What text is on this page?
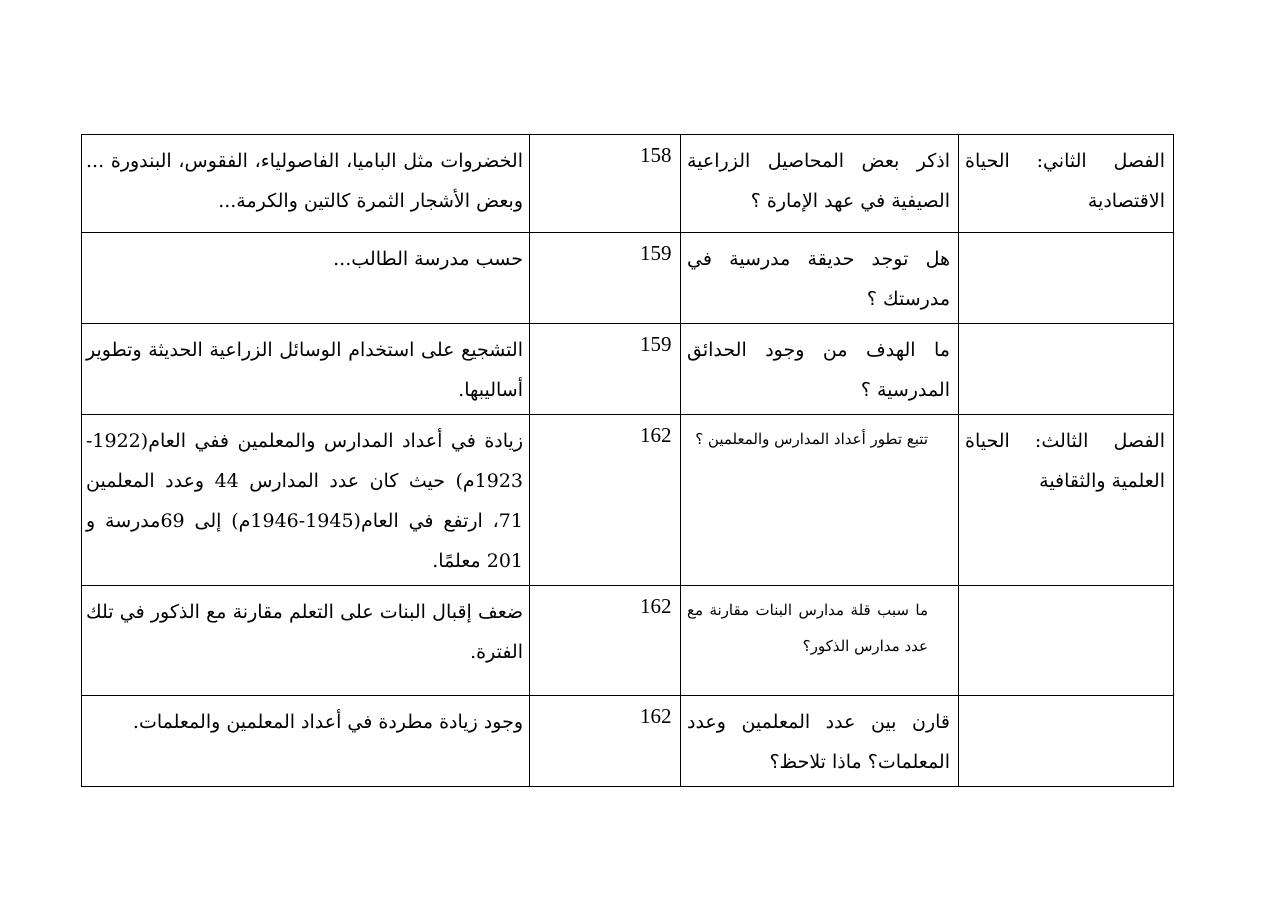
الفصل الثاني: الحياة الاقتصادية	اذكر بعض المحاصيل الزراعية الصيفية في عهد الإمارة ؟	158	الخضروات مثل الباميا، الفاصولياء، الفقوس، البندورة ... وبعض الأشجار الثمرة كالتين والكرمة...

	هل توجد حديقة مدرسية في مدرستك ؟	159	حسب مدرسة الطالب...

	ما الهدف من وجود الحدائق المدرسية ؟	159	التشجيع على استخدام الوسائل الزراعية الحديثة وتطوير أساليبها.

الفصل الثالث: الحياة العلمية والثقافية	تتبع تطور أعداد المدارس والمعلمين ؟	162	زيادة في أعداد المدارس والمعلمين ففي العام(1922-1923م) حيث كان عدد المدارس 44 وعدد المعلمين 71، ارتفع في العام(1945-1946م) إلى 69مدرسة و 201 معلمًا.

	ما سبب قلة مدارس البنات مقارنة مع عدد مدارس الذكور؟	162	ضعف إقبال البنات على التعلم مقارنة مع الذكور في تلك الفترة.

	قارن بين عدد المعلمين وعدد المعلمات؟ ماذا تلاحظ؟	162	وجود زيادة مطردة في أعداد المعلمين والمعلمات.
